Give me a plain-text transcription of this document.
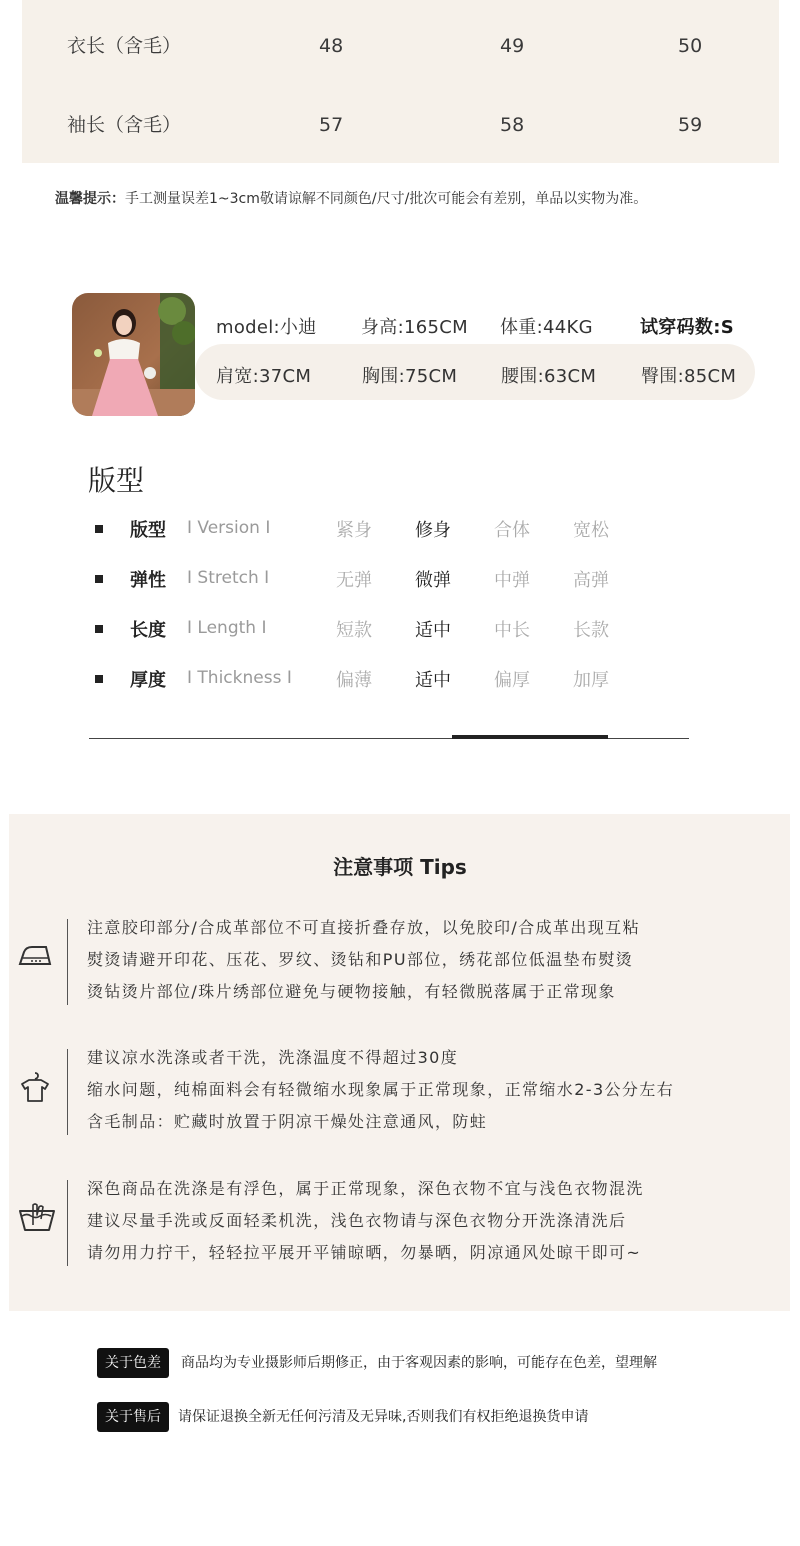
衣长（含毛）	48	49	50
袖长（含毛）	57	58	59
温馨提示：手工测量误差1~3cm敬请谅解不同颜色/尺寸/批次可能会有差别，单品以实物为准。
model:小迪 身高:165CM 体重:44KG	试穿码数:S
肩宽:37CM	胸围:75CM 腰围:63CM 臀围:85CM
版型
版型 I Version I	紧身 修身 合体 宽松
弹性 I Stretch I	无弹 微弹 中弹 高弹
长度 I Length I	短款 适中 中长 长款
厚度 I Thickness I 偏薄 适中 偏厚 加厚
注意事项 Tips
注意胶印部分/合成革部位不可直接折叠存放，以免胶印/合成革出现互粘
熨烫请避开印花、压花、罗纹、烫钻和PU部位，绣花部位低温垫布熨烫
烫钻烫片部位/珠片绣部位避免与硬物接触，有轻微脱落属于正常现象
建议凉水洗涤或者干洗，洗涤温度不得超过30度
缩水问题，纯棉面料会有轻微缩水现象属于正常现象，正常缩水2-3公分左右
含毛制品：贮藏时放置于阴凉干燥处注意通风，防蛀
深色商品在洗涤是有浮色，属于正常现象，深色衣物不宜与浅色衣物混洗
建议尽量手洗或反面轻柔机洗，浅色衣物请与深色衣物分开洗涤清洗后
请勿用力拧干，轻轻拉平展开平铺晾晒，勿暴晒，阴凉通风处晾干即可~
关于色差	商品均为专业摄影师后期修正，由于客观因素的影响，可能存在色差，望理解
关于售后	请保证退换全新无任何污清及无异味,否则我们有权拒绝退换货申请
